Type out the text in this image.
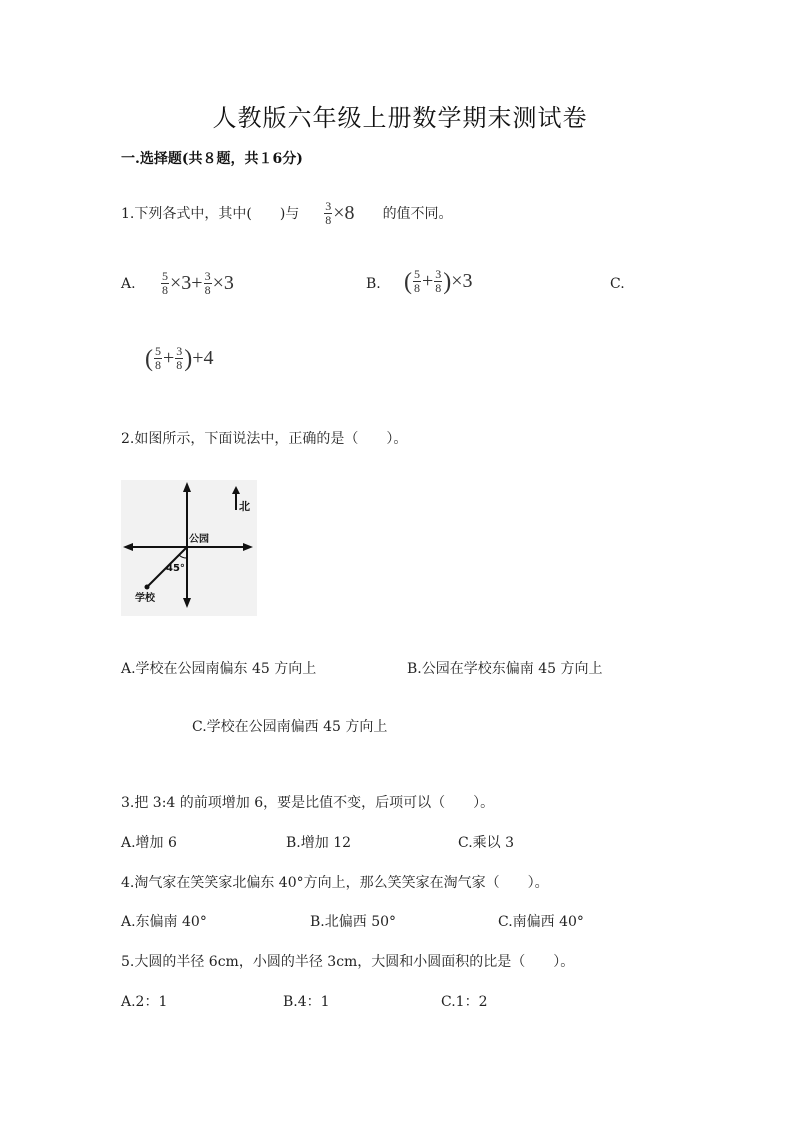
人教版六年级上册数学期末测试卷
一.选择题(共８题，共１6分)
1.下列各式中，其中(　　)与 $\frac{3}{8} \times 8$ 的值不同。
A. $\frac{5}{8} \times 3+ \frac{3}{8} \times 3$	B. ( $\frac{5}{8} + \frac{3}{8}$ ) ×3	C.
( $\frac{5}{8} + \frac{3}{8}$ ) +4
2.如图所示，下面说法中，正确的是（　　）。
北
公园
45°
学校
A.学校在公园南偏东 45 方向上	B.公园在学校东偏南 45 方向上
C.学校在公园南偏西 45 方向上
3.把 3:4 的前项增加 6，要是比值不变，后项可以（　　）。
A.增加 6	B.增加 12	C.乘以 3
4.淘气家在笑笑家北偏东 40°方向上，那么笑笑家在淘气家（　　）。
A.东偏南 40°	B.北偏西 50°	C.南偏西 40°
5.大圆的半径 6cm，小圆的半径 3cm，大圆和小圆面积的比是（　　）。
A.2：1	B.4：1	C.1：2
